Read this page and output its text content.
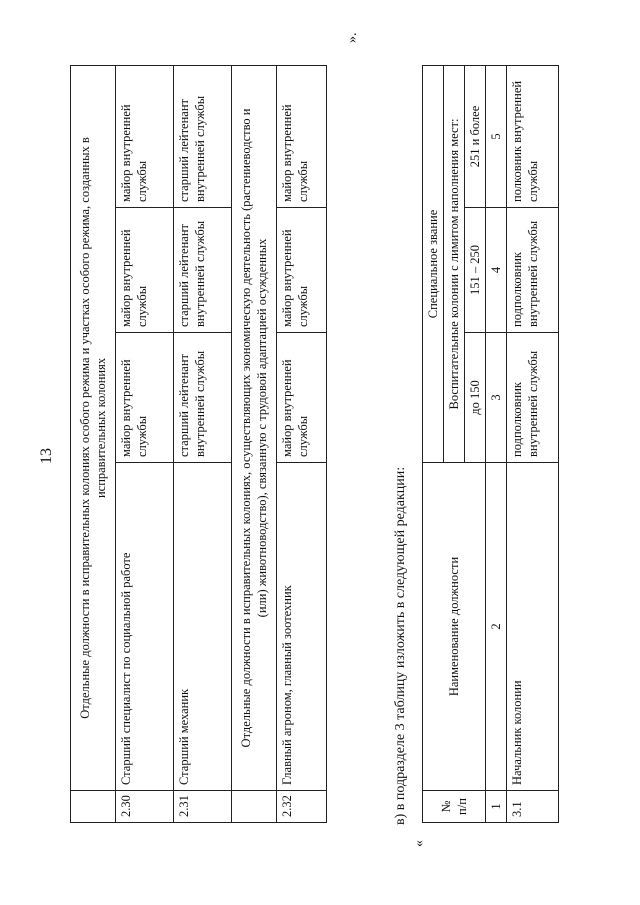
13
	Отдельные должности в исправительных колониях особого режима и участках особого режима, созданных в исправительных колониях			
2.30	Старший специалист по социальной работе	майор внутренней службы	майор внутренней службы	майор внутренней службы
2.31	Старший механик	старший лейтенант внутренней службы	старший лейтенант внутренней службы	старший лейтенант внутренней службы
	Отдельные должности в исправительных колониях, осуществляющих экономическую деятельность (растениеводство и (или) животноводство), связанную с трудовой адаптацией осужденных			
2.32	Главный агроном, главный зоотехник	майор внутренней службы	майор внутренней службы	майор внутренней службы
».
в) в подразделе 3 таблицу изложить в следующей редакции:
«
№ п/п	Наименование должности	Специальное звание		
		Воспитательные колонии с лимитом наполнения мест:		
		до 150	151 – 250	251 и более
1	2	3	4	5
3.1	Начальник колонии	подполковник внутренней службы	подполковник внутренней службы	полковник внутренней службы
